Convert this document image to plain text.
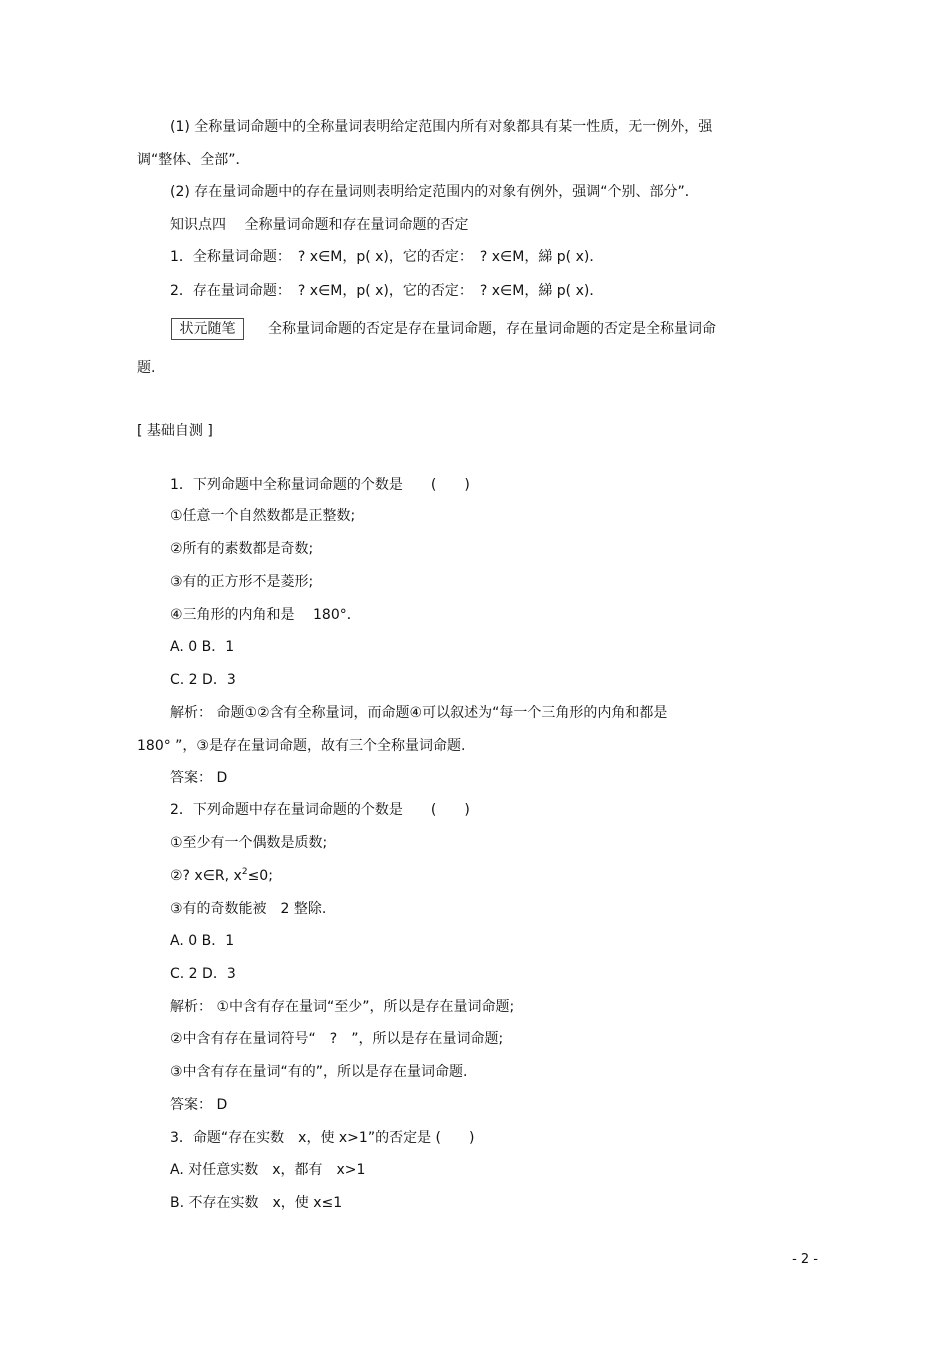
(1) 全称量词命题中的全称量词表明给定范围内所有对象都具有某一性质，无一例外，强
调“整体、全部”．
(2) 存在量词命题中的存在量词则表明给定范围内的对象有例外，强调“个别、部分”．
知识点四　 全称量词命题和存在量词命题的否定
1．全称量词命题：　? x∈M，p( x)，它的否定：　? x∈M，綈 p( x)．
2．存在量词命题：　? x∈M，p( x)，它的否定：　? x∈M，綈 p( x)．
状元随笔	全称量词命题的否定是存在量词命题，存在量词命题的否定是全称量词命
题.
[ 基础自测 ]
1．下列命题中全称量词命题的个数是　　(　　)
①任意一个自然数都是正整数;
②所有的素数都是奇数;
③有的正方形不是菱形;
④三角形的内角和是　 180°．
A. 0 B．1
C. 2 D．3
解析： 命题①②含有全称量词，而命题④可以叙述为“每一个三角形的内角和都是
180° ”，③是存在量词命题，故有三个全称量词命题.
答案： D
2．下列命题中存在量词命题的个数是　　(　　)
①至少有一个偶数是质数;
②? x∈R, $x^2\le 0$;
③有的奇数能被　2 整除.
A. 0 B．1
C. 2 D．3
解析： ①中含有存在量词“至少”，所以是存在量词命题;
②中含有存在量词符号“　?　”，所以是存在量词命题;
③中含有存在量词“有的”，所以是存在量词命题.
答案： D
3．命题“存在实数　x，使 x>1”的否定是 (　　)
A. 对任意实数　x，都有　x>1
B. 不存在实数　x，使 x≤1
- 2 -
